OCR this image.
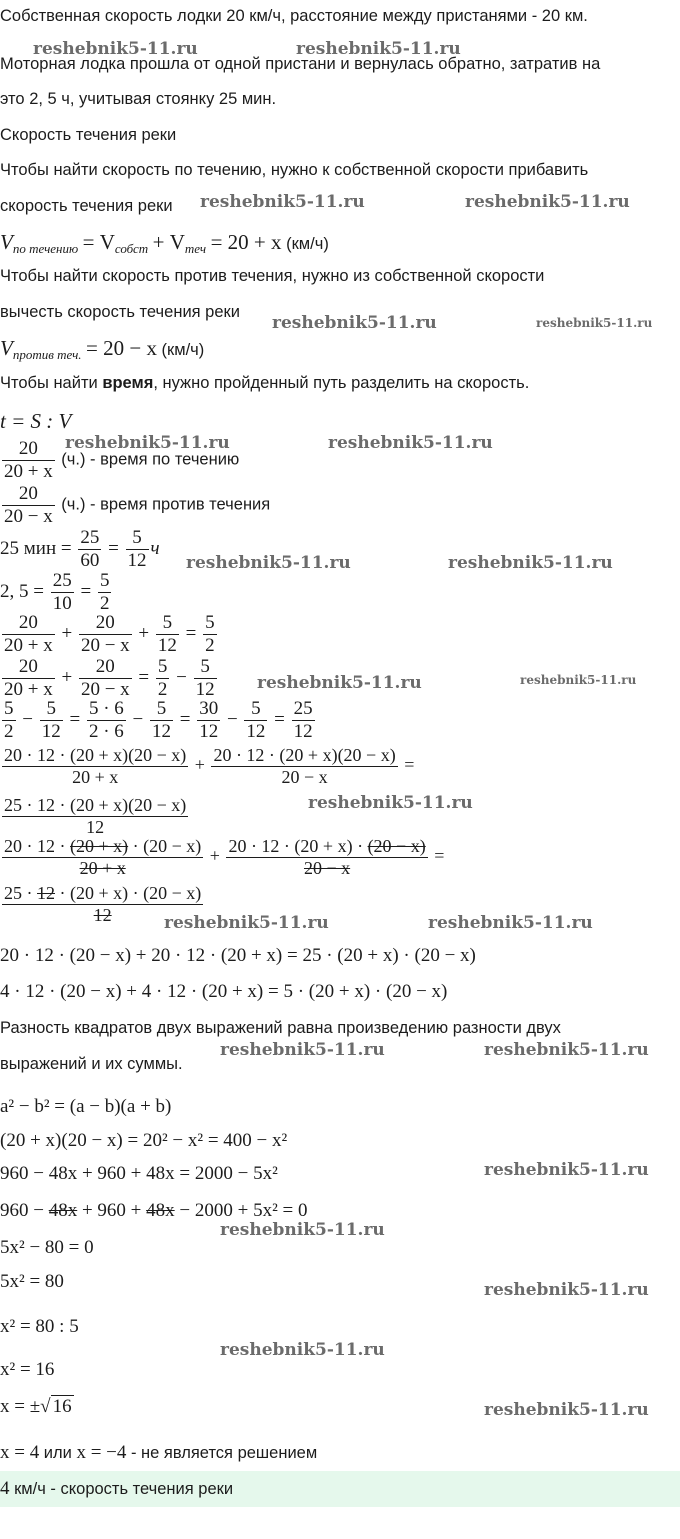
Собственная скорость лодки 20 км/ч, расстояние между пристанями - 20 км.
Моторная лодка прошла от одной пристани и вернулась обратно, затратив на
это 2, 5 ч, учитывая стоянку 25 мин.
Скорость течения реки
Чтобы найти скорость по течению, нужно к собственной скорости прибавить
скорость течения реки
$V_{по течению} = V_{собст} + V_{теч} = 20 + x$ (км/ч)
Чтобы найти скорость против течения, нужно из собственной скорости
вычесть скорость течения реки
$V_{против теч.} = 20 - x$ (км/ч)
Чтобы найти время, нужно пройденный путь разделить на скорость.
t = S : V
$\frac{20}{20 + x} (ч.)$ - время по течению
$\frac{20}{20 - x} (ч.)$ - время против течения
25 мин = $\frac{25}{60} = \frac{5}{12}$ ч
2, $5 = \frac{25}{10} = \frac{5}{2}$
$\frac{20}{20 + x} + \frac{20}{20 - x} + \frac{5}{12} = \frac{5}{2}$
$\frac{20}{20 + x} + \frac{20}{20 - x} = \frac{5}{2} - \frac{5}{12}$
$\frac{5}{2} - \frac{5}{12} = \frac{5 \cdot 6}{2 \cdot 6} - \frac{5}{12} = \frac{30}{12} - \frac{5}{12} = \frac{25}{12}$
$\frac{20 \cdot 12 \cdot (20 + x)(20 - x)}{20 + x} + \frac{20 \cdot 12 \cdot (20 + x)(20 - x)}{20 - x}$ =
$\frac{25 \cdot 12 \cdot (20 + x)(20 - x)}{12}$
$\frac{20 \cdot 12 \cdot (20 + x) \cdot (20 - x)}{20 + x} + \frac{20 \cdot 12 \cdot (20 + x) \cdot (20 - x)}{20 - x}$ =
$\frac{25 \cdot 12 \cdot (20 + x) \cdot (20 - x)}{12}$
20 · 12 · (20 − x) + 20 · 12 · (20 + x) = 25 · (20 + x) · (20 − x)
4 · 12 · (20 − x) + 4 · 12 · (20 + x) = 5 · (20 + x) · (20 − x)
Разность квадратов двух выражений равна произведению разности двух
выражений и их суммы.
a² − b² = (a − b)(a + b)
(20 + x)(20 − x) = 20² − x² = 400 − x²
960 − 48x + 960 + 48x = 2000 − 5x²
960 − 48x + 960 + 48x − 2000 + 5x² = 0
5x² − 80 = 0
5x² = 80
x² = 80 : 5
x² = 16
x = ±√ 16
x = 4 или x = −4 - не является решением
4 км/ч - скорость течения реки
reshebnik5-11.ru	reshebnik5-11.ru
reshebnik5-11.ru	reshebnik5-11.ru
reshebnik5-11.ru	reshebnik5-11.ru
reshebnik5-11.ru	reshebnik5-11.ru
reshebnik5-11.ru	reshebnik5-11.ru
reshebnik5-11.ru	reshebnik5-11.ru
reshebnik5-11.ru
reshebnik5-11.ru	reshebnik5-11.ru
reshebnik5-11.ru	reshebnik5-11.ru
reshebnik5-11.ru
reshebnik5-11.ru
reshebnik5-11.ru
reshebnik5-11.ru
reshebnik5-11.ru
